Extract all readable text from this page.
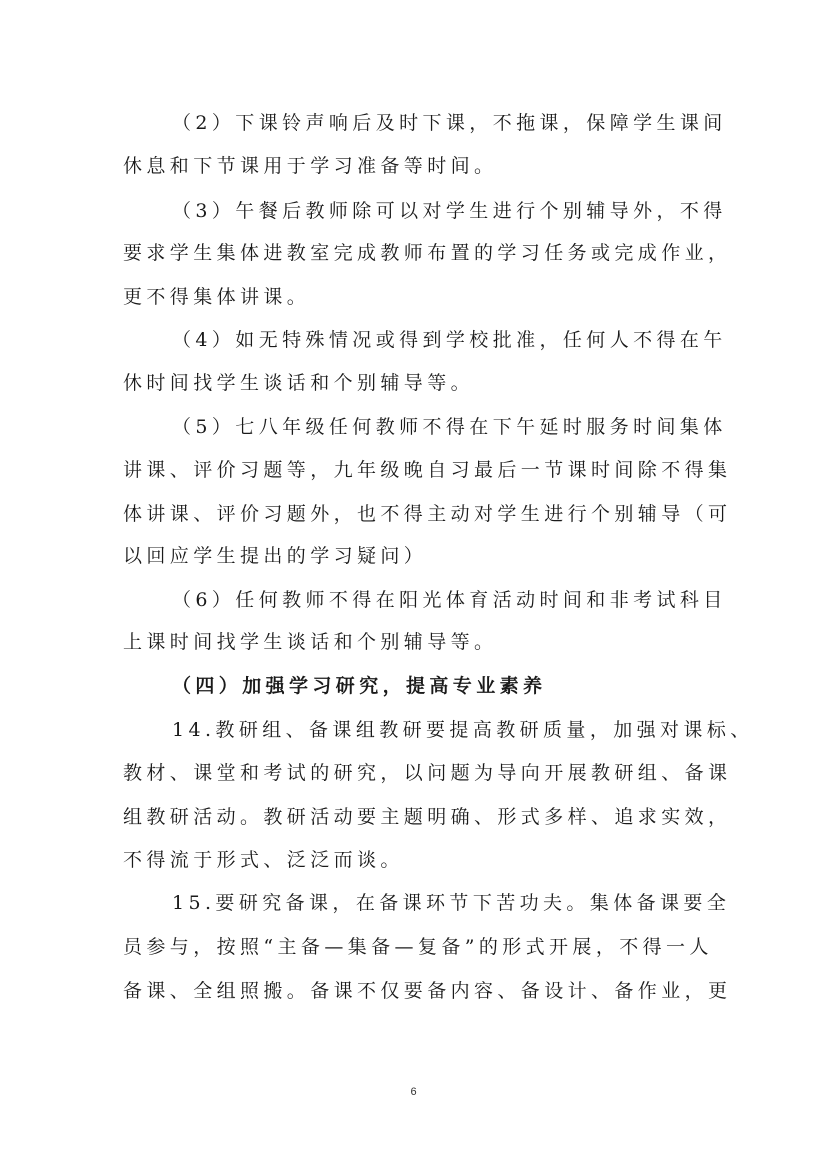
（2）下课铃声响后及时下课，不拖课，保障学生课间
休息和下节课用于学习准备等时间。
（3）午餐后教师除可以对学生进行个别辅导外，不得
要求学生集体进教室完成教师布置的学习任务或完成作业，
更不得集体讲课。
（4）如无特殊情况或得到学校批准，任何人不得在午
休时间找学生谈话和个别辅导等。
（5）七八年级任何教师不得在下午延时服务时间集体
讲课、评价习题等，九年级晚自习最后一节课时间除不得集
体讲课、评价习题外，也不得主动对学生进行个别辅导（可
以回应学生提出的学习疑问）
（6）任何教师不得在阳光体育活动时间和非考试科目
上课时间找学生谈话和个别辅导等。
（四）加强学习研究，提高专业素养
14.教研组、备课组教研要提高教研质量，加强对课标、
教材、课堂和考试的研究，以问题为导向开展教研组、备课
组教研活动。教研活动要主题明确、形式多样、追求实效，
不得流于形式、泛泛而谈。
15.要研究备课，在备课环节下苦功夫。集体备课要全
员参与，按照“主备—集备—复备”的形式开展，不得一人
备课、全组照搬。备课不仅要备内容、备设计、备作业，更
6
